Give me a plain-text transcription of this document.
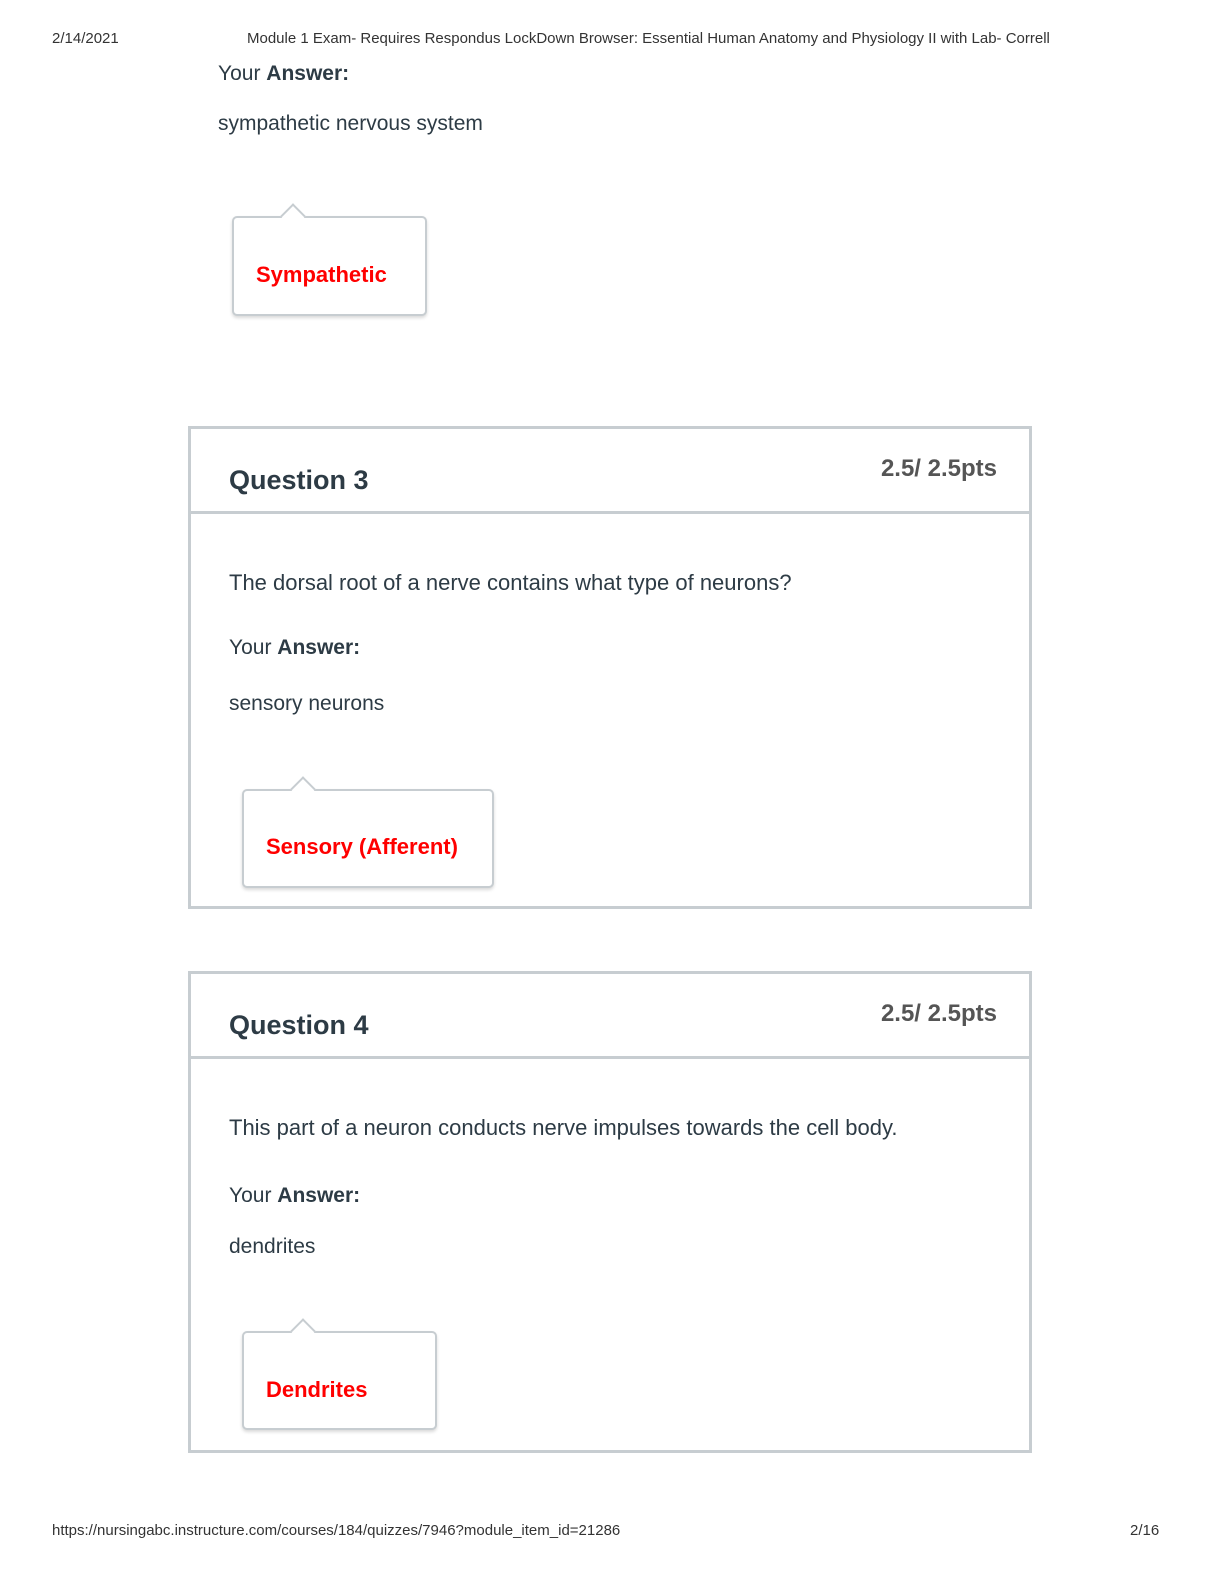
2/14/2021	Module 1 Exam- Requires Respondus LockDown Browser: Essential Human Anatomy and Physiology II with Lab- Correll

Your Answer:

sympathetic nervous system

Sympathetic
Question 3	2.5/ 2.5pts
The dorsal root of a nerve contains what type of neurons?
Your Answer:
sensory neurons
Sensory (Afferent)
Question 4	2.5/ 2.5pts
This part of a neuron conducts nerve impulses towards the cell body.
Your Answer:
dendrites
Dendrites
https://nursingabc.instructure.com/courses/184/quizzes/7946?module_item_id=21286	2/16
